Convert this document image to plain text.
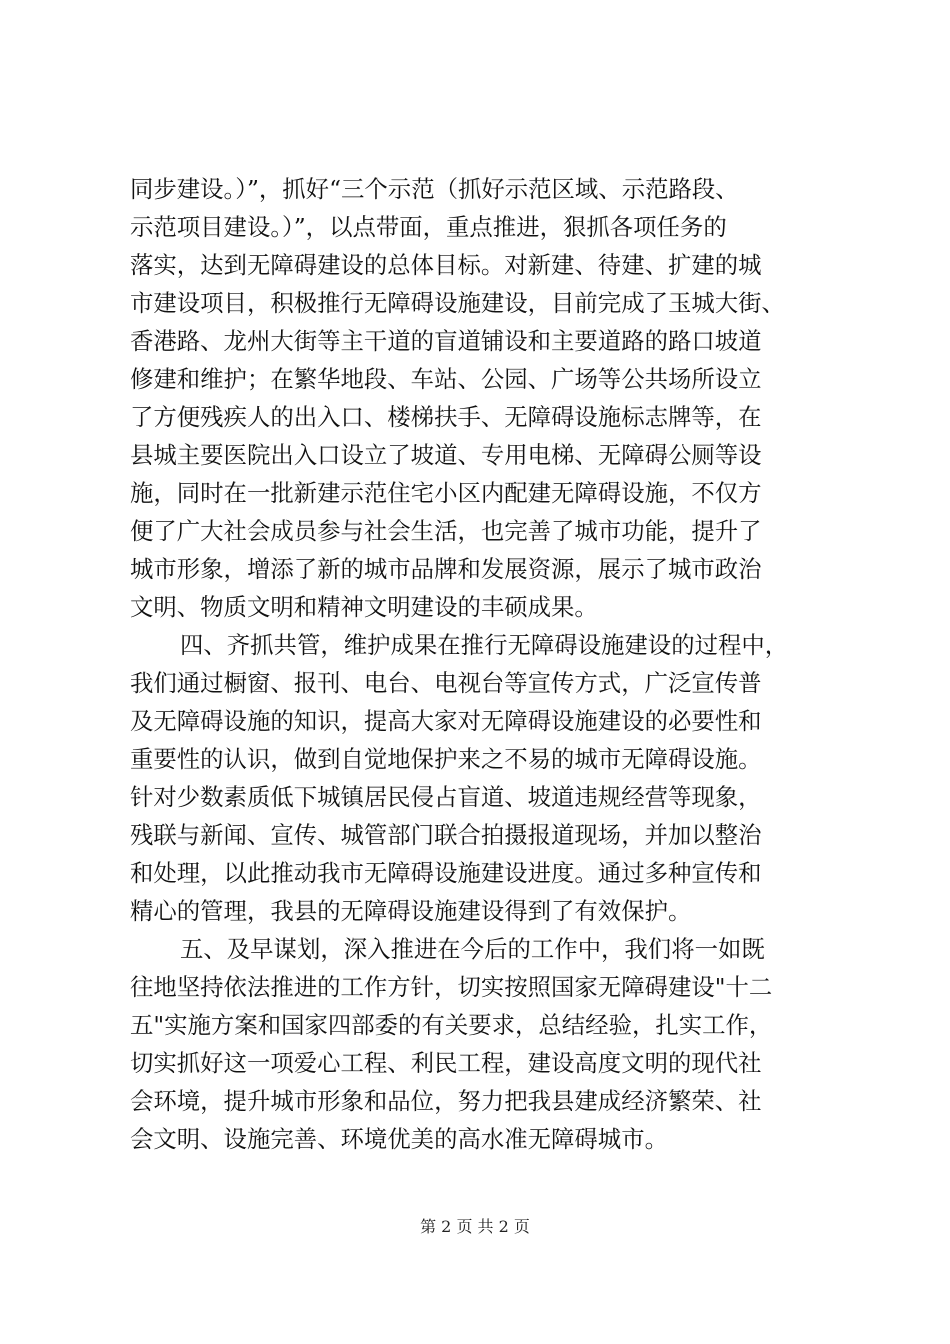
同步建设。）”，抓好“三个示范（抓好示范区域、示范路段、
示范项目建设。）”，以点带面，重点推进，狠抓各项任务的
落实，达到无障碍建设的总体目标。对新建、待建、扩建的城
市建设项目，积极推行无障碍设施建设，目前完成了玉城大街、
香港路、龙州大街等主干道的盲道铺设和主要道路的路口坡道
修建和维护；在繁华地段、车站、公园、广场等公共场所设立
了方便残疾人的出入口、楼梯扶手、无障碍设施标志牌等，在
县城主要医院出入口设立了坡道、专用电梯、无障碍公厕等设
施，同时在一批新建示范住宅小区内配建无障碍设施，不仅方
便了广大社会成员参与社会生活，也完善了城市功能，提升了
城市形象，增添了新的城市品牌和发展资源，展示了城市政治
文明、物质文明和精神文明建设的丰硕成果。
四、齐抓共管，维护成果在推行无障碍设施建设的过程中，
我们通过橱窗、报刊、电台、电视台等宣传方式，广泛宣传普
及无障碍设施的知识，提高大家对无障碍设施建设的必要性和
重要性的认识，做到自觉地保护来之不易的城市无障碍设施。
针对少数素质低下城镇居民侵占盲道、坡道违规经营等现象，
残联与新闻、宣传、城管部门联合拍摄报道现场，并加以整治
和处理，以此推动我市无障碍设施建设进度。通过多种宣传和
精心的管理，我县的无障碍设施建设得到了有效保护。
五、及早谋划，深入推进在今后的工作中，我们将一如既
往地坚持依法推进的工作方针，切实按照国家无障碍建设"十二
五"实施方案和国家四部委的有关要求，总结经验，扎实工作，
切实抓好这一项爱心工程、利民工程，建设高度文明的现代社
会环境，提升城市形象和品位，努力把我县建成经济繁荣、社
会文明、设施完善、环境优美的高水准无障碍城市。
第 2 页 共 2 页
